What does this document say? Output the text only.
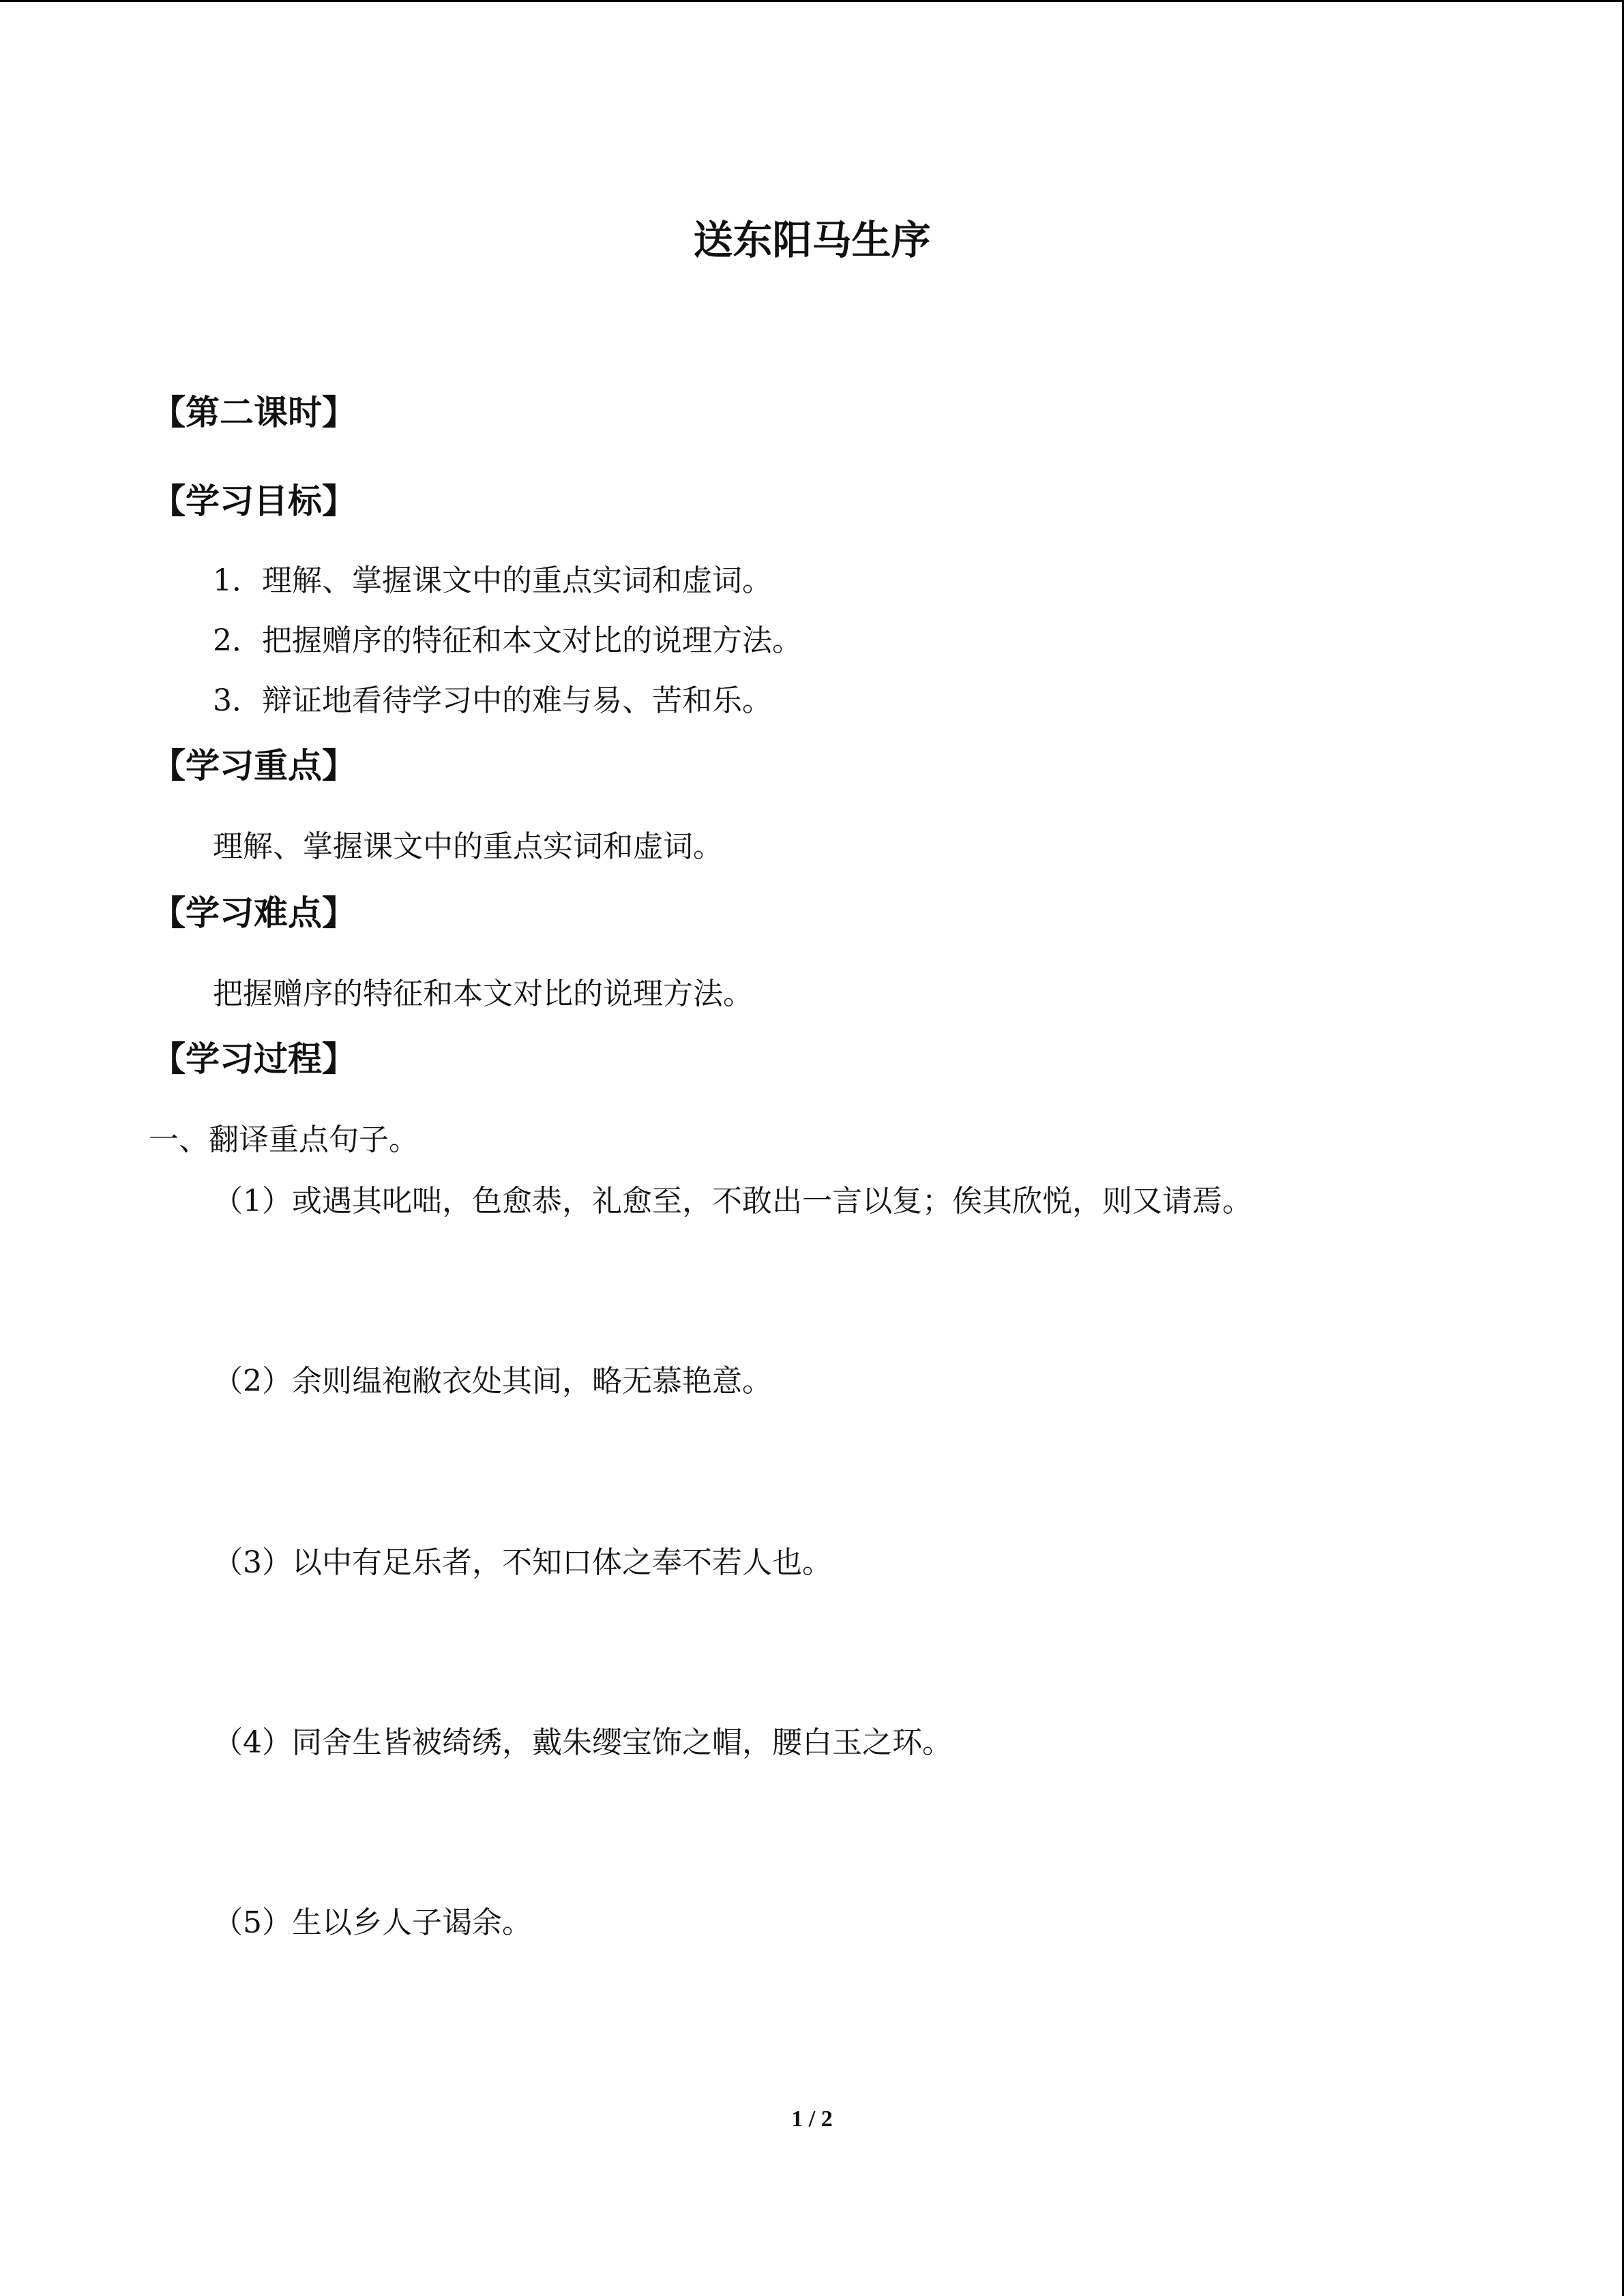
送东阳马生序
【第二课时】
【学习目标】

1．理解、掌握课文中的重点实词和虚词。

2．把握赠序的特征和本文对比的说理方法。

3．辩证地看待学习中的难与易、苦和乐。

【学习重点】

理解、掌握课文中的重点实词和虚词。

【学习难点】

把握赠序的特征和本文对比的说理方法。

【学习过程】

一、翻译重点句子。

（1）或遇其叱咄，色愈恭，礼愈至，不敢出一言以复；俟其欣悦，则又请焉。

（2）余则缊袍敝衣处其间，略无慕艳意。

（3）以中有足乐者，不知口体之奉不若人也。

（4）同舍生皆被绮绣，戴朱缨宝饰之帽，腰白玉之环。

（5）生以乡人子谒余。

1 / 2
